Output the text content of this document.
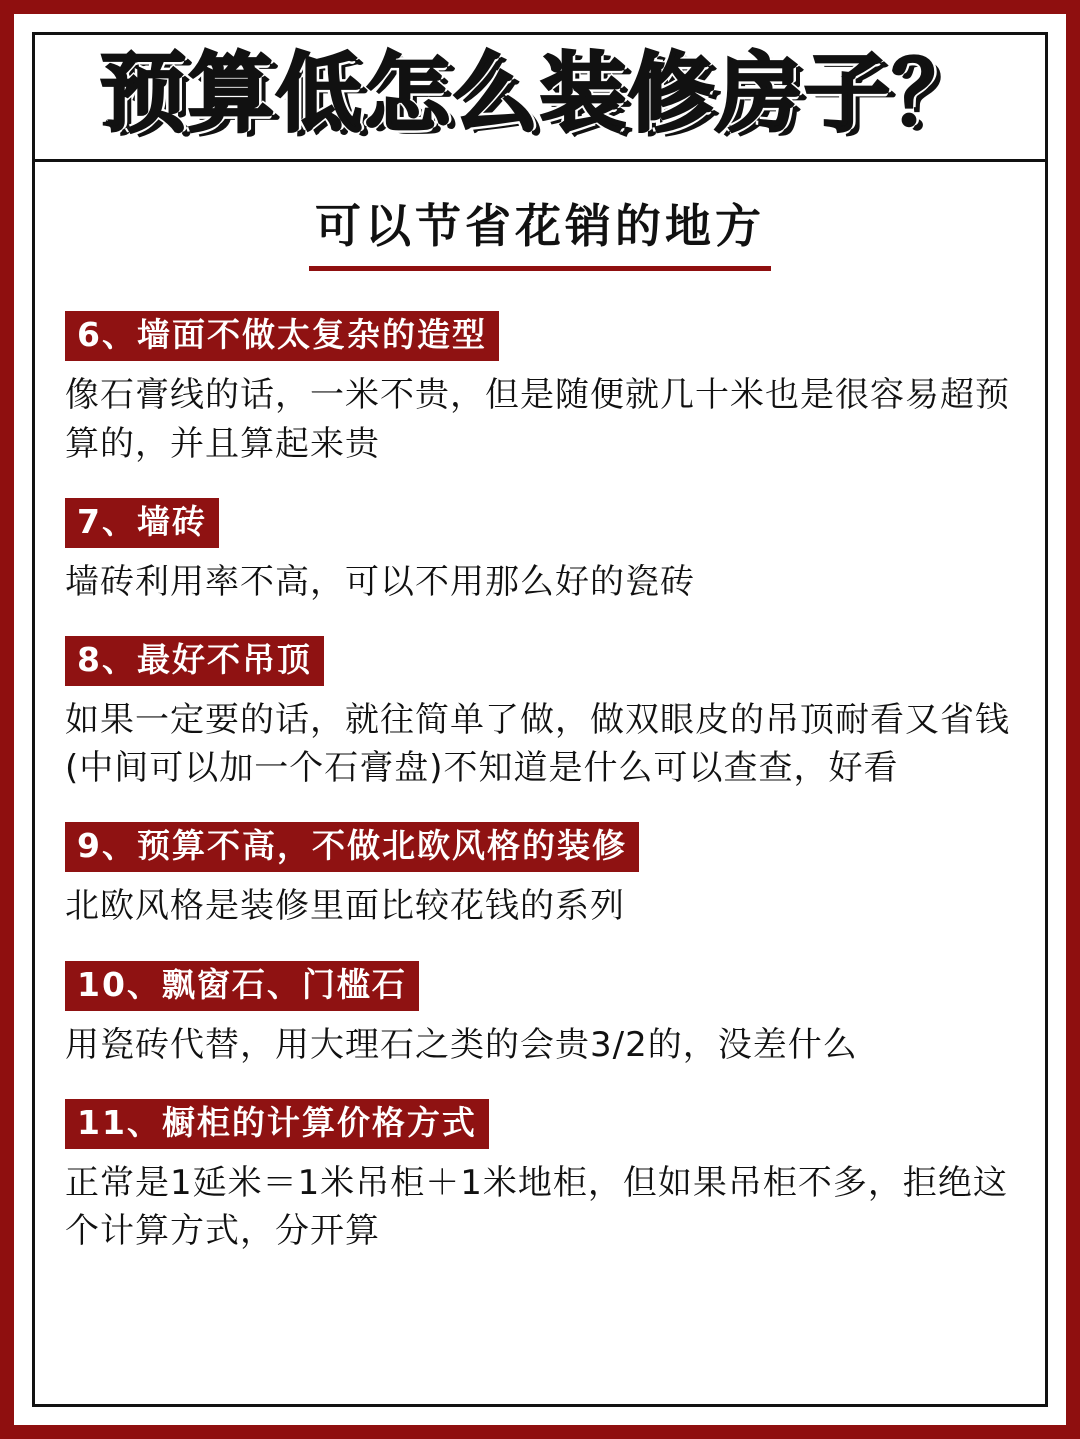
预算低怎么装修房子？
可以节省花销的地方
6、墙面不做太复杂的造型
像石膏线的话，一米不贵，但是随便就几十米也是很容易超预算的，并且算起来贵
7、墙砖
墙砖利用率不高，可以不用那么好的瓷砖
8、最好不吊顶
如果一定要的话，就往简单了做，做双眼皮的吊顶耐看又省钱(中间可以加一个石膏盘)不知道是什么可以查查，好看
9、预算不高，不做北欧风格的装修
北欧风格是装修里面比较花钱的系列
10、飘窗石、门槛石
用瓷砖代替，用大理石之类的会贵3/2的，没差什么
11、橱柜的计算价格方式
正常是1延米＝1米吊柜＋1米地柜，但如果吊柜不多，拒绝这个计算方式，分开算
